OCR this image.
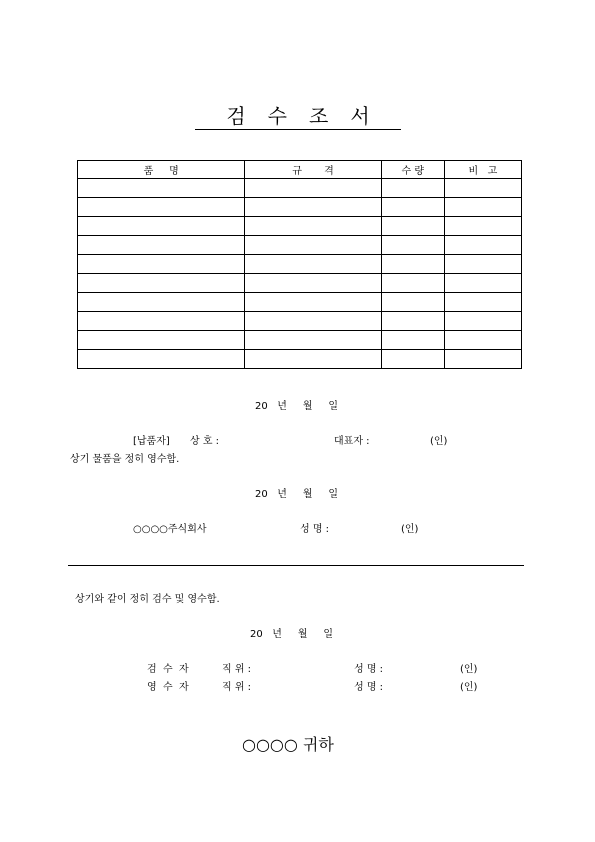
검수조서
품     명	규       격	수 량	비   고

20   년     월     일
[납품자] 상 호 :	대표자 :	(인)
상기 물품을 정히 영수함.
20   년     월     일
○○○○주식회사	성 명 :	(인)
상기와 같이 정히 검수 및 영수함.
20   년     월     일
검  수  자	직 위 :	성 명 :	(인)
영  수  자	직 위 :	성 명 :	(인)
○○○○ 귀하
